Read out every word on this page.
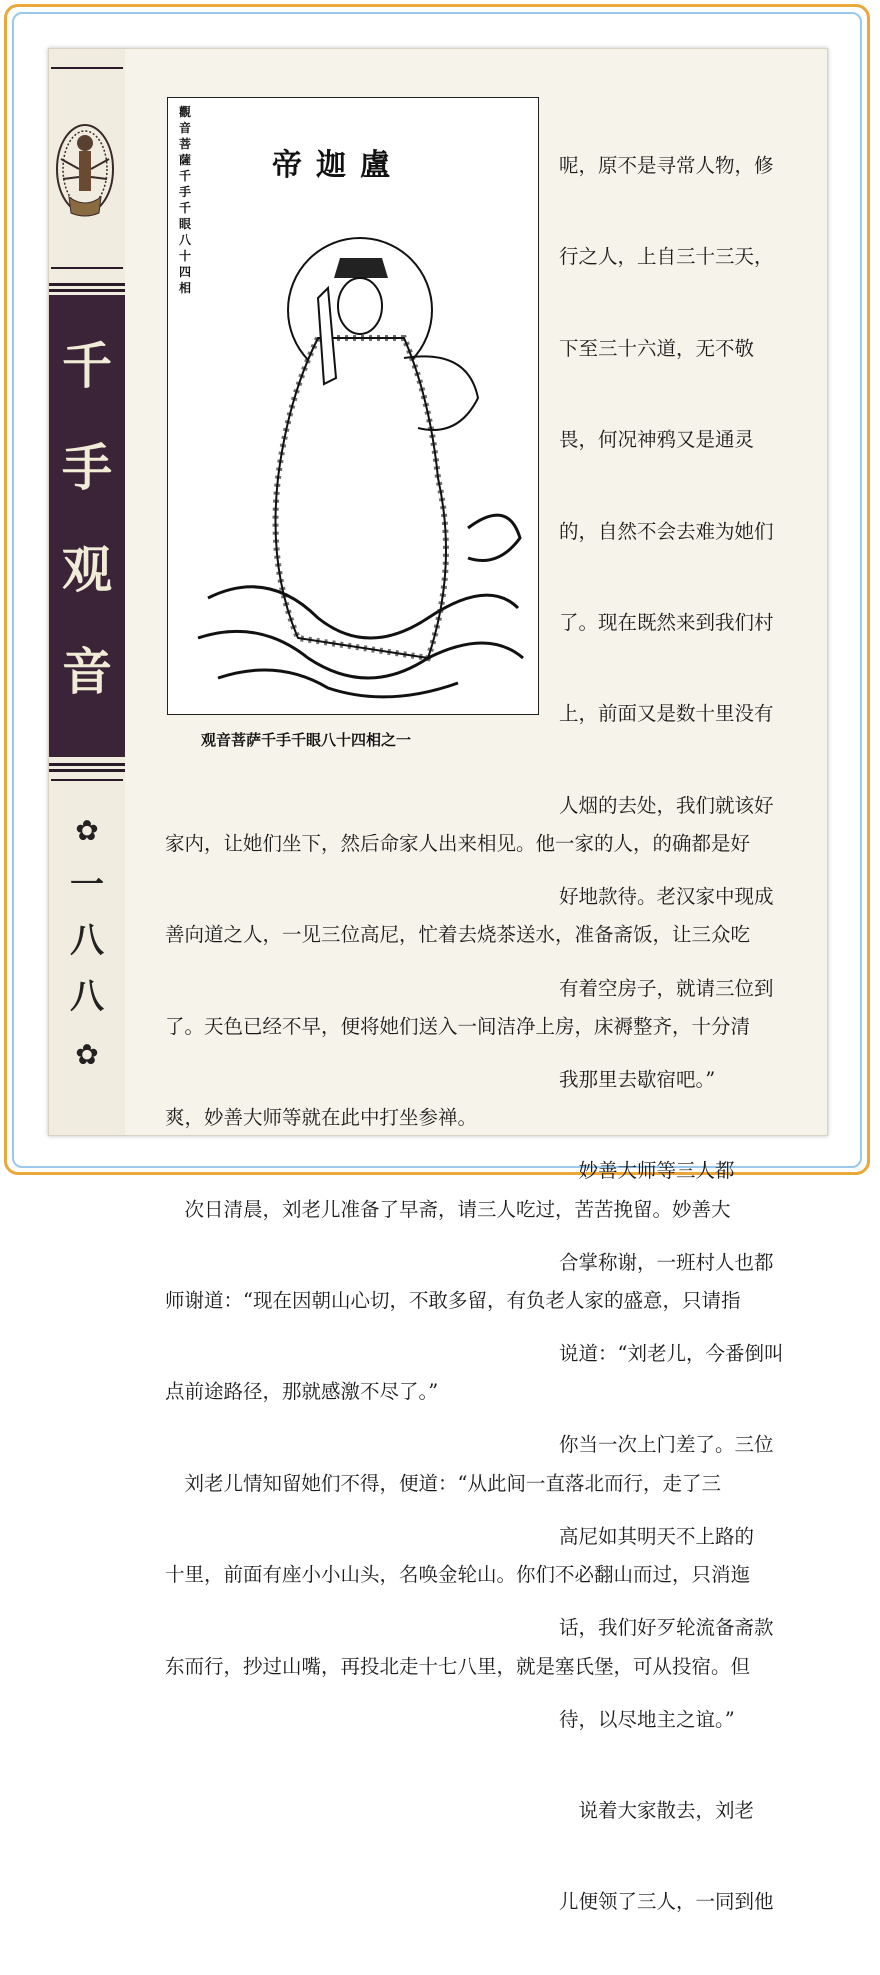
千
手
观
音
✿
一
八
八
✿
觀
音
菩
薩
千
手
千
眼
八
十
四
相
帝迦盧
观音菩萨千手千眼八十四相之一

呢，原不是寻常人物，修

行之人，上自三十三天，

下至三十六道，无不敬

畏，何况神鸦又是通灵

的，自然不会去难为她们

了。现在既然来到我们村

上，前面又是数十里没有

人烟的去处，我们就该好

好地款待。老汉家中现成

有着空房子，就请三位到

我那里去歇宿吧。”

　妙善大师等三人都

合掌称谢，一班村人也都

说道：“刘老儿，今番倒叫

你当一次上门差了。三位

高尼如其明天不上路的

话，我们好歹轮流备斋款

待，以尽地主之谊。”

　说着大家散去，刘老

儿便领了三人，一同到他

家内，让她们坐下，然后命家人出来相见。他一家的人，的确都是好

善向道之人，一见三位高尼，忙着去烧茶送水，准备斋饭，让三众吃

了。天色已经不早，便将她们送入一间洁净上房，床褥整齐，十分清

爽，妙善大师等就在此中打坐参禅。

　次日清晨，刘老儿准备了早斋，请三人吃过，苦苦挽留。妙善大

师谢道：“现在因朝山心切，不敢多留，有负老人家的盛意，只请指

点前途路径，那就感激不尽了。”

　刘老儿情知留她们不得，便道：“从此间一直落北而行，走了三

十里，前面有座小小山头，名唤金轮山。你们不必翻山而过，只消迤

东而行，抄过山嘴，再投北走十七八里，就是塞氏堡，可从投宿。但
